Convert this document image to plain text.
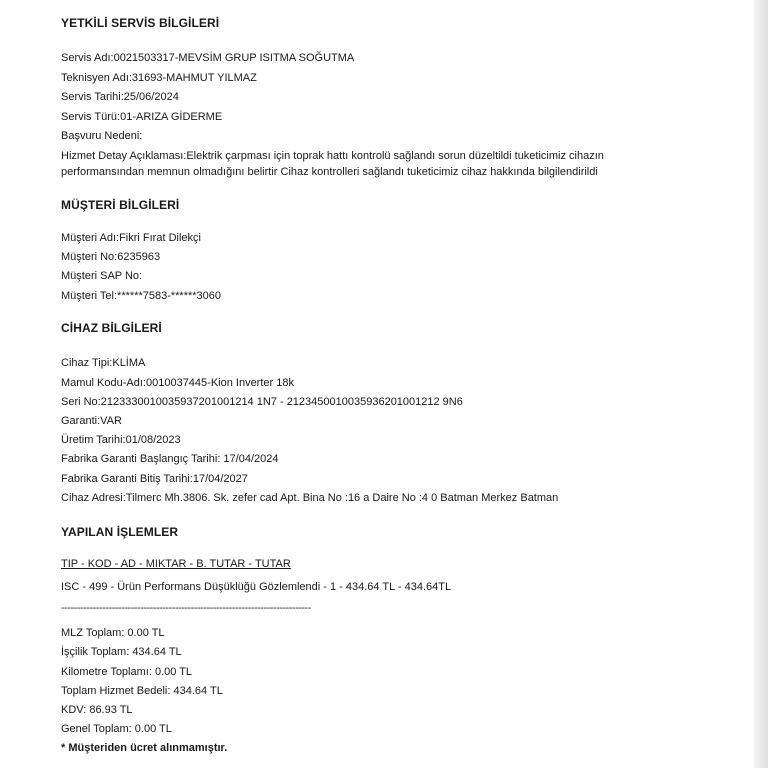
YETKİLİ SERVİS BİLGİLERİ
Servis Adı:0021503317-MEVSİM GRUP ISITMA SOĞUTMA
Teknisyen Adı:31693-MAHMUT YILMAZ
Servis Tarihi:25/06/2024
Servis Türü:01-ARIZA GİDERME
Başvuru Nedeni:
Hizmet Detay Açıklaması:Elektrik çarpması için toprak hattı kontrolü sağlandı sorun düzeltildi tuketicimiz cihazın
performansından memnun olmadığını belirtir Cihaz kontrolleri sağlandı tuketicimiz cihaz hakkında bilgilendirildi
MÜŞTERİ BİLGİLERİ
Müşteri Adı:Fikri Fırat Dilekçi
Müşteri No:6235963
Müşteri SAP No:
Müşteri Tel:******7583-******3060
CİHAZ BİLGİLERİ
Cihaz Tipi:KLİMA
Mamul Kodu-Adı:0010037445-Kion Inverter 18k
Seri No:2123330010035937201001214 1N7 - 2123450010035936201001212 9N6
Garanti:VAR
Üretim Tarihi:01/08/2023
Fabrika Garanti Başlangıç Tarihi: 17/04/2024
Fabrika Garanti Bitiş Tarihi:17/04/2027
Cihaz Adresi:Tilmerc Mh.3806. Sk. zefer cad Apt. Bina No :16 a Daire No :4 0 Batman Merkez Batman
YAPILAN İŞLEMLER
TIP - KOD - AD - MIKTAR - B. TUTAR - TUTAR
ISC - 499 - Ürün Performans Düşüklüğü Gözlemlendi - 1 - 434.64 TL - 434.64TL
-------------------------------------------------------------------------------
MLZ Toplam: 0.00 TL
İşçilik Toplam: 434.64 TL
Kilometre Toplamı: 0.00 TL
Toplam Hizmet Bedeli: 434.64 TL
KDV: 86.93 TL
Genel Toplam: 0.00 TL
* Müşteriden ücret alınmamıştır.
